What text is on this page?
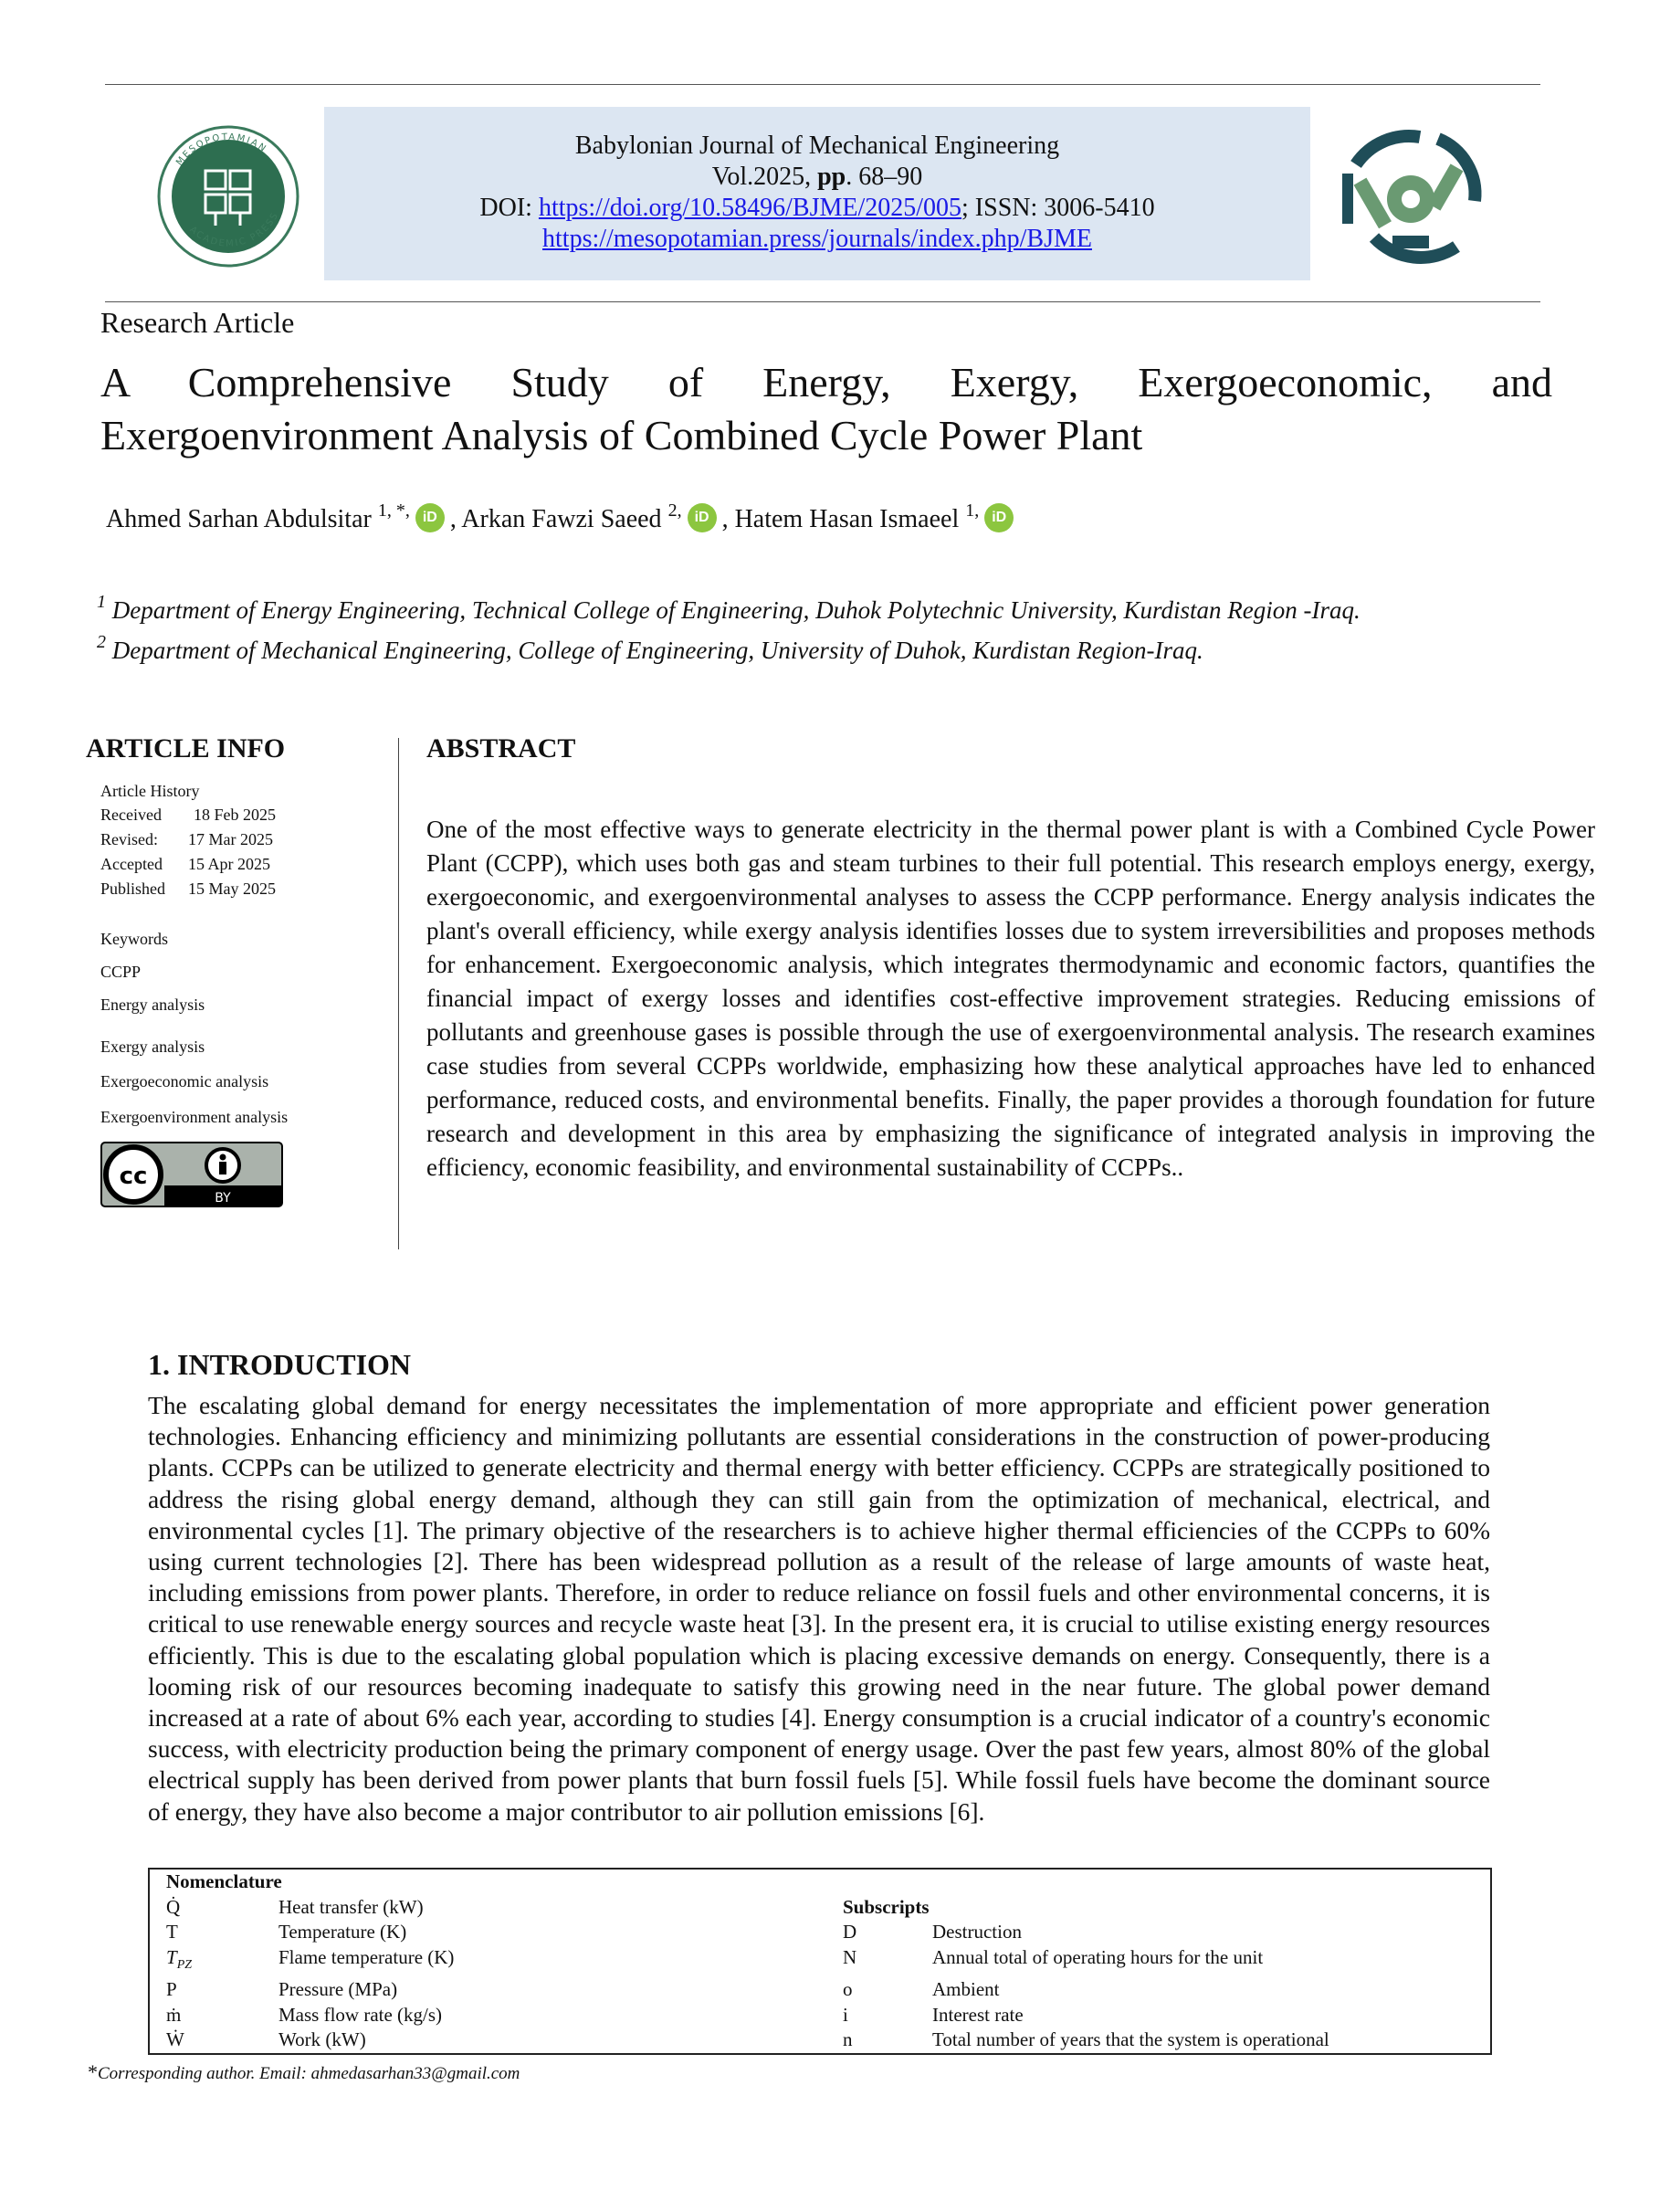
MESOPOTAMIAN
ACADEMIC PRESS
Babylonian Journal of Mechanical Engineering
Vol.2025, pp. 68–90
DOI: https://doi.org/10.58496/BJME/2025/005; ISSN: 3006-5410
https://mesopotamian.press/journals/index.php/BJME
Research Article
A Comprehensive Study of Energy, Exergy, Exergoeconomic, and
Exergoenvironment Analysis of Combined Cycle Power Plant
Ahmed Sarhan Abdulsitar $^{1, *,}$ iD , Arkan Fawzi Saeed $^{2,}$ iD , Hatem Hasan Ismaeel $^{1,}$ iD
$^1$ Department of Energy Engineering, Technical College of Engineering, Duhok Polytechnic University, Kurdistan Region -Iraq.
$^2$ Department of Mechanical Engineering, College of Engineering, University of Duhok, Kurdistan Region-Iraq.
ARTICLE INFO
Article History
Received 18 Feb 2025
Revised: 17 Mar 2025
Accepted 15 Apr 2025
Published 15 May 2025
Keywords
CCPP
Energy analysis
Exergy analysis
Exergoeconomic analysis
Exergoenvironment analysis
cc
BY
ABSTRACT
One of the most effective ways to generate electricity in the thermal power plant is with a Combined Cycle Power Plant (CCPP), which uses both gas and steam turbines to their full potential. This research employs energy, exergy, exergoeconomic, and exergoenvironmental analyses to assess the CCPP performance. Energy analysis indicates the plant's overall efficiency, while exergy analysis identifies losses due to system irreversibilities and proposes methods for enhancement. Exergoeconomic analysis, which integrates thermodynamic and economic factors, quantifies the financial impact of exergy losses and identifies cost-effective improvement strategies. Reducing emissions of pollutants and greenhouse gases is possible through the use of exergoenvironmental analysis. The research examines case studies from several CCPPs worldwide, emphasizing how these analytical approaches have led to enhanced performance, reduced costs, and environmental benefits. Finally, the paper provides a thorough foundation for future research and development in this area by emphasizing the significance of integrated analysis in improving the efficiency, economic feasibility, and environmental sustainability of CCPPs..
1. INTRODUCTION
The escalating global demand for energy necessitates the implementation of more appropriate and efficient power generation technologies. Enhancing efficiency and minimizing pollutants are essential considerations in the construction of power-producing plants. CCPPs can be utilized to generate electricity and thermal energy with better efficiency. CCPPs are strategically positioned to address the rising global energy demand, although they can still gain from the optimization of mechanical, electrical, and environmental cycles [1]. The primary objective of the researchers is to achieve higher thermal efficiencies of the CCPPs to 60% using current technologies [2]. There has been widespread pollution as a result of the release of large amounts of waste heat, including emissions from power plants. Therefore, in order to reduce reliance on fossil fuels and other environmental concerns, it is critical to use renewable energy sources and recycle waste heat [3]. In the present era, it is crucial to utilise existing energy resources efficiently. This is due to the escalating global population which is placing excessive demands on energy. Consequently, there is a looming risk of our resources becoming inadequate to satisfy this growing need in the near future. The global power demand increased at a rate of about 6% each year, according to studies [4]. Energy consumption is a crucial indicator of a country's economic success, with electricity production being the primary component of energy usage. Over the past few years, almost 80% of the global electrical supply has been derived from power plants that burn fossil fuels [5]. While fossil fuels have become the dominant source of energy, they have also become a major contributor to air pollution emissions [6].
Nomenclature			
Q̇	Heat transfer (kW)	Subscripts	
T	Temperature (K)	D	Destruction
$T_{PZ}$	Flame temperature (K)	N	Annual total of operating hours for the unit
P	Pressure (MPa)	o	Ambient
ṁ	Mass flow rate (kg/s)	i	Interest rate
Ẇ	Work (kW)	n	Total number of years that the system is operational
*Corresponding author. Email: ahmedasarhan33@gmail.com
